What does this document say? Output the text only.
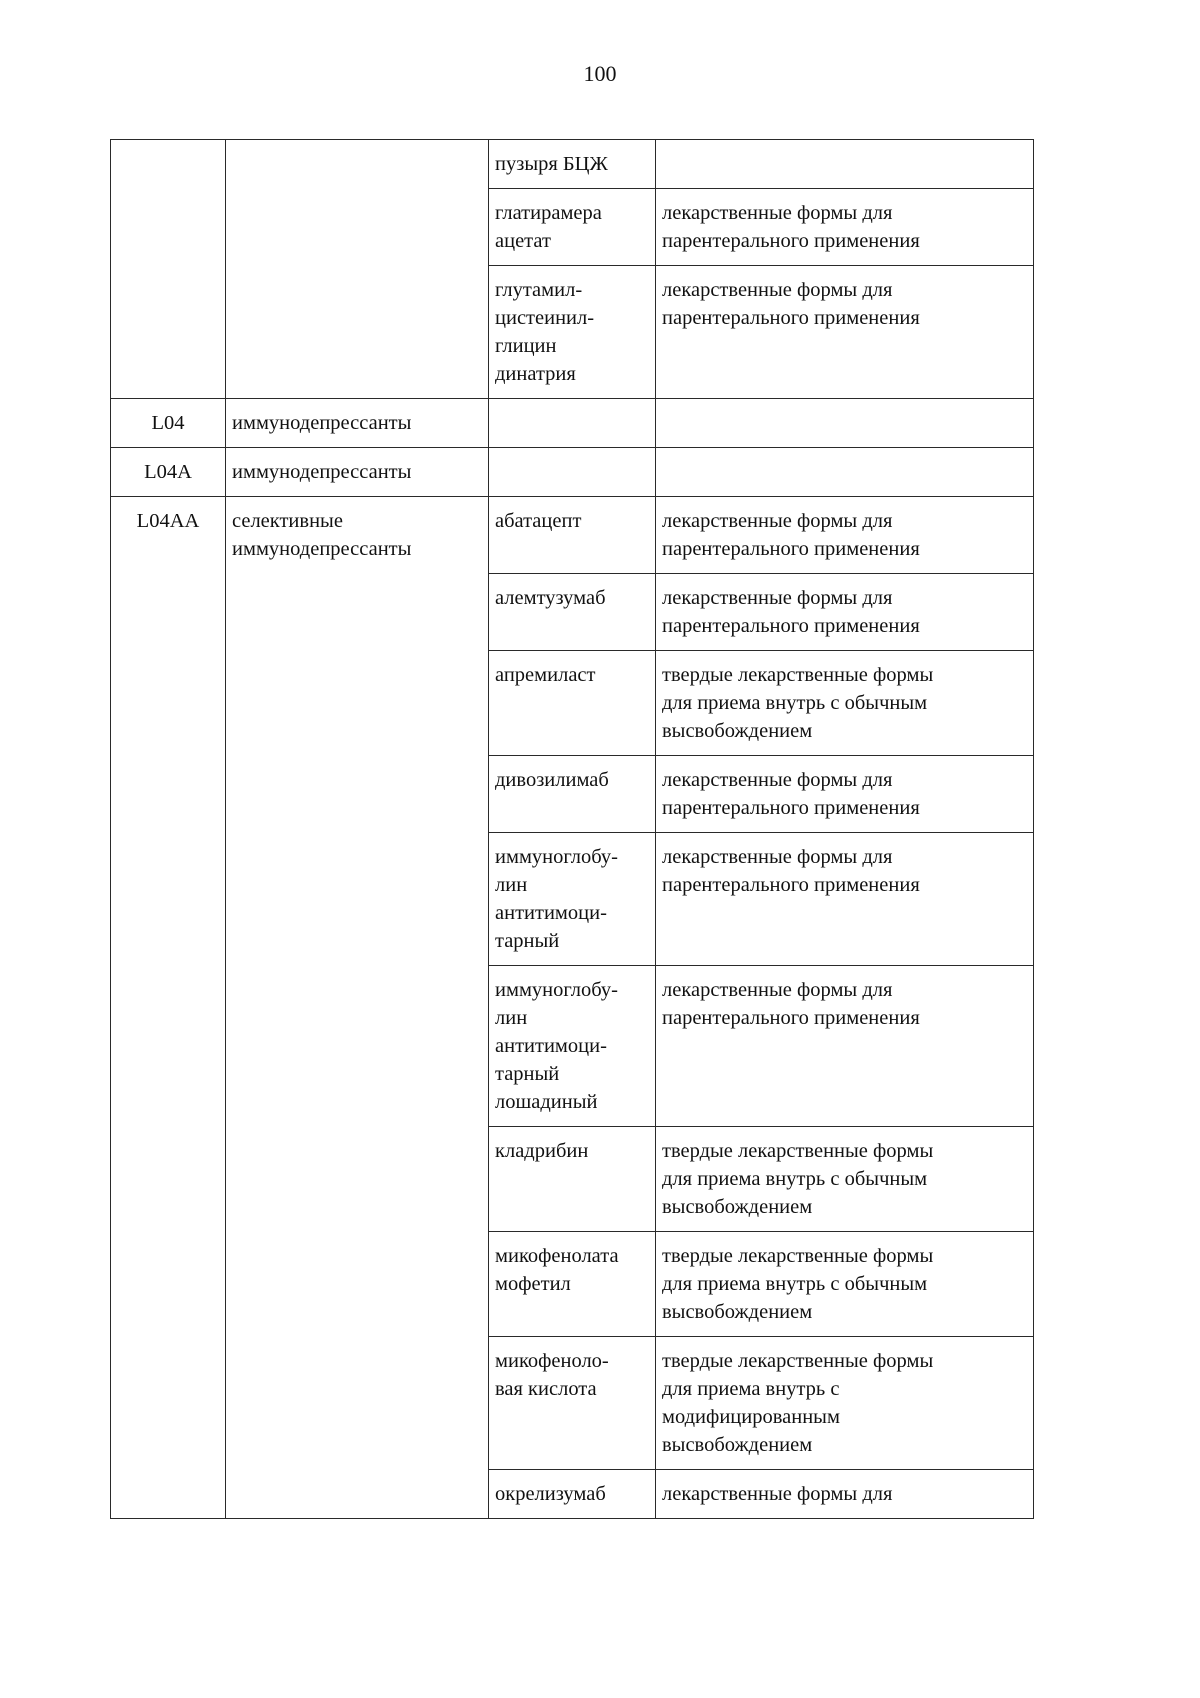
100
		пузыря БЦЖ	
		глатирамера
ацетат	лекарственные формы для
парентерального применения
		глутамил-
цистеинил-
глицин
динатрия	лекарственные формы для
парентерального применения
L04	иммунодепрессанты		
L04A	иммунодепрессанты		
L04AA	селективные
иммунодепрессанты	абатацепт	лекарственные формы для
парентерального применения
		алемтузумаб	лекарственные формы для
парентерального применения
		апремиласт	твердые лекарственные формы
для приема внутрь с обычным
высвобождением
		дивозилимаб	лекарственные формы для
парентерального применения
		иммуноглобу-
лин
антитимоци-
тарный	лекарственные формы для
парентерального применения
		иммуноглобу-
лин
антитимоци-
тарный
лошадиный	лекарственные формы для
парентерального применения
		кладрибин	твердые лекарственные формы
для приема внутрь с обычным
высвобождением
		микофенолата
мофетил	твердые лекарственные формы
для приема внутрь с обычным
высвобождением
		микофеноло-
вая кислота	твердые лекарственные формы
для приема внутрь с
модифицированным
высвобождением
		окрелизумаб	лекарственные формы для
